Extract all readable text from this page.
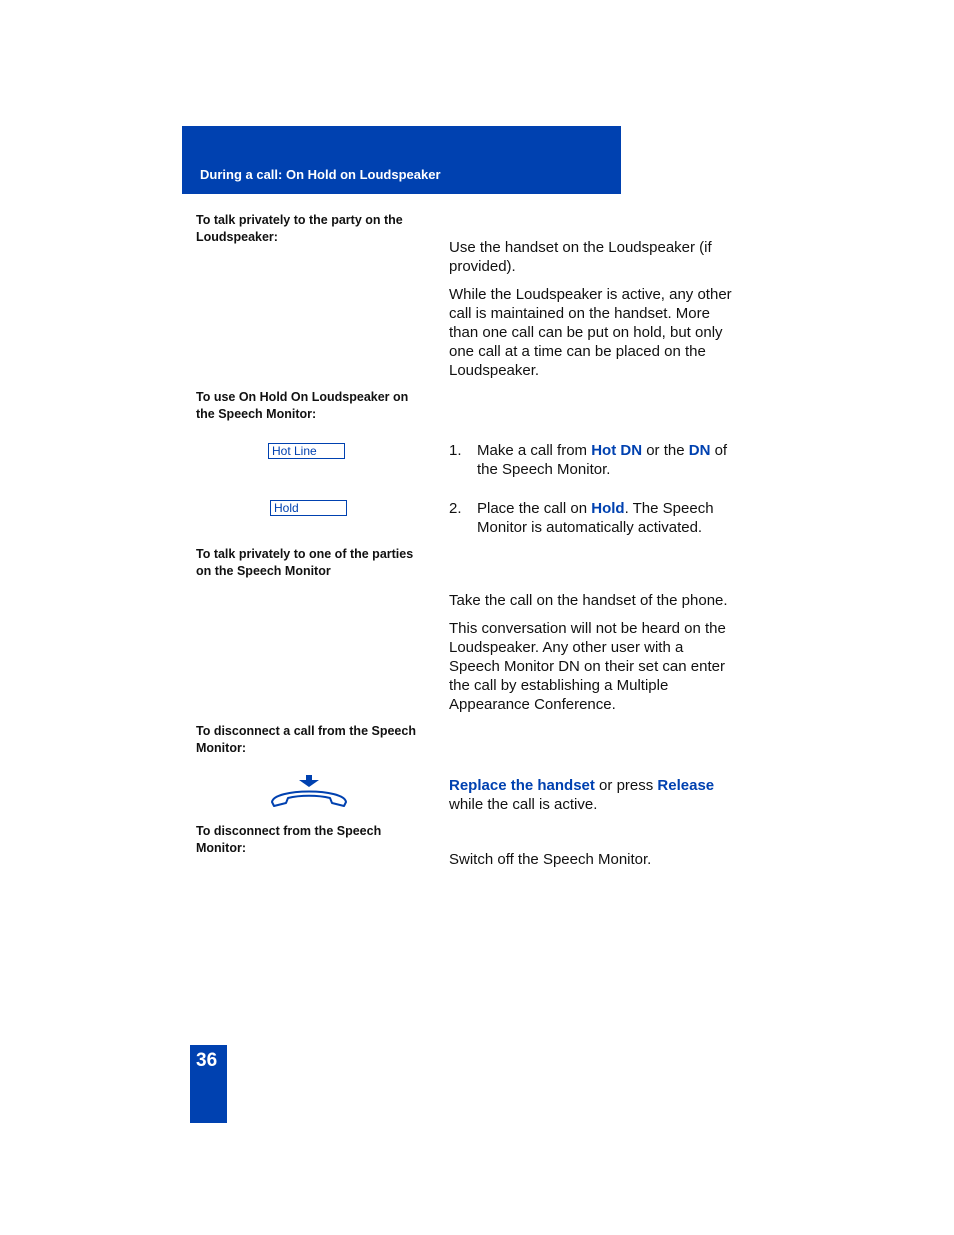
During a call: On Hold on Loudspeaker
To talk privately to the party on the Loudspeaker:
Use the handset on the Loudspeaker (if provided).
While the Loudspeaker is active, any other call is maintained on the handset. More than one call can be put on hold, but only one call at a time can be placed on the Loudspeaker.
To use On Hold On Loudspeaker on the Speech Monitor:
Hot Line
Hold
1. Make a call from Hot DN or the DN of the Speech Monitor.
2. Place the call on Hold. The Speech Monitor is automatically activated.
To talk privately to one of the parties on the Speech Monitor
Take the call on the handset of the phone.
This conversation will not be heard on the Loudspeaker. Any other user with a Speech Monitor DN on their set can enter the call by establishing a Multiple Appearance Conference.
To disconnect a call from the Speech Monitor:
Replace the handset or press Release while the call is active.
To disconnect from the Speech Monitor:
Switch off the Speech Monitor.
36
